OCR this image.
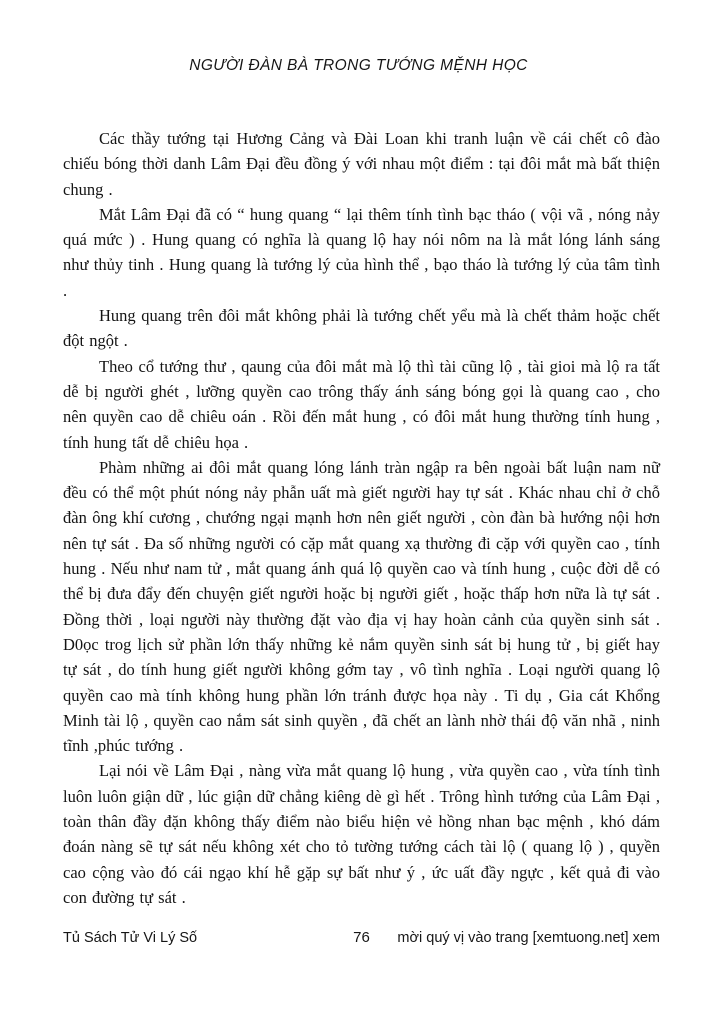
NGƯỜI ĐÀN BÀ TRONG TƯỚNG MỆNH HỌC

Các thầy tướng tại Hương Cảng và Đài Loan khi tranh luận về cái chết cô đào chiếu bóng thời danh Lâm Đại đều đồng ý với nhau một điểm : tại đôi mắt mà bất thiện chung .

Mắt Lâm Đại đã có “ hung quang “ lại thêm tính tình bạc tháo ( vội vã , nóng nảy quá mức ) . Hung quang có nghĩa là quang lộ hay nói nôm na là mắt lóng lánh sáng như thủy tinh . Hung quang là tướng lý của hình thể , bạo tháo là tướng lý của tâm tình .

Hung quang trên đôi mắt không phải là tướng chết yểu mà là chết thảm hoặc chết đột ngột .

Theo cổ tướng thư , qaung của đôi mắt mà lộ thì tài cũng lộ , tài gioi mà lộ ra tất dễ bị người ghét , lưỡng quyền cao trông thấy ánh sáng bóng gọi là quang cao , cho nên quyền cao dễ chiêu oán . Rồi đến mắt hung , có đôi mắt hung thường tính hung , tính hung tất dễ chiêu họa .

Phàm những ai đôi mắt quang lóng lánh tràn ngập ra bên ngoài bất luận nam nữ đều có thể một phút nóng nảy phẫn uất mà giết người hay tự sát . Khác nhau chỉ ở chỗ đàn ông khí cương , chướng ngại mạnh hơn nên giết người , còn đàn bà hướng nội hơn nên tự sát . Đa số những người có cặp mắt quang xạ thường đi cặp với quyền cao , tính hung . Nếu như nam tử , mắt quang ánh quá lộ quyền cao và tính hung , cuộc đời dễ có thể bị đưa đẩy đến chuyện giết người hoặc bị người giết , hoặc thấp hơn nữa là tự sát . Đồng thời , loại người này thường đặt vào địa vị hay hoàn cảnh của quyền sinh sát . D0ọc trog lịch sử phần lớn thấy những kẻ nắm quyền sinh sát bị hung tử , bị giết hay tự sát , do tính hung giết người không gớm tay , vô tình nghĩa . Loại người quang lộ quyền cao mà tính không hung phần lớn tránh được họa này . Ti dụ , Gia cát Khổng Minh tài lộ , quyền cao nắm sát sinh quyền , đã chết an lành nhờ thái độ văn nhã , ninh tĩnh ,phúc tướng .

Lại nói về Lâm Đại , nàng vừa mắt quang lộ hung , vừa quyền cao , vừa tính tình luôn luôn giận dữ , lúc giận dữ chẳng kiêng dè gì hết . Trông hình tướng của Lâm Đại , toàn thân đầy đặn không thấy điểm nào biểu hiện vẻ hồng nhan bạc mệnh , khó dám đoán nàng sẽ tự sát nếu không xét cho tỏ tường tướng cách tài lộ ( quang lộ ) , quyền cao cộng vào đó cái ngạo khí hễ gặp sự bất như ý , ức uất đầy ngực , kết quả đi vào con đường tự sát .

Tủ Sách Tử Vi Lý Số	76	mời quý vị vào trang [xemtuong.net] xem
